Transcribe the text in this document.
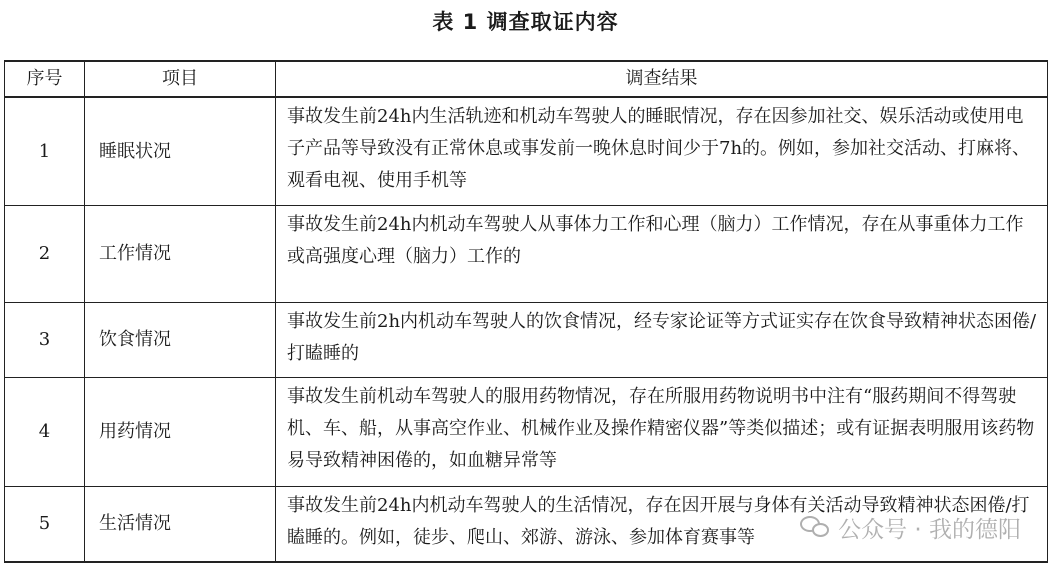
表 1 调查取证内容
序号	项目	调查结果
1	睡眠状况	事故发生前24h内生活轨迹和机动车驾驶人的睡眠情况，存在因参加社交、娱乐活动或使用电子产品等导致没有正常休息或事发前一晚休息时间少于7h的。例如，参加社交活动、打麻将、观看电视、使用手机等
2	工作情况	事故发生前24h内机动车驾驶人从事体力工作和心理（脑力）工作情况，存在从事重体力工作或高强度心理（脑力）工作的
3	饮食情况	事故发生前2h内机动车驾驶人的饮食情况，经专家论证等方式证实存在饮食导致精神状态困倦/打瞌睡的
4	用药情况	事故发生前机动车驾驶人的服用药物情况，存在所服用药物说明书中注有“服药期间不得驾驶机、车、船，从事高空作业、机械作业及操作精密仪器”等类似描述；或有证据表明服用该药物易导致精神困倦的，如血糖异常等
5	生活情况	事故发生前24h内机动车驾驶人的生活情况，存在因开展与身体有关活动导致精神状态困倦/打瞌睡的。例如，徒步、爬山、郊游、游泳、参加体育赛事等	公众号 · 我的德阳
